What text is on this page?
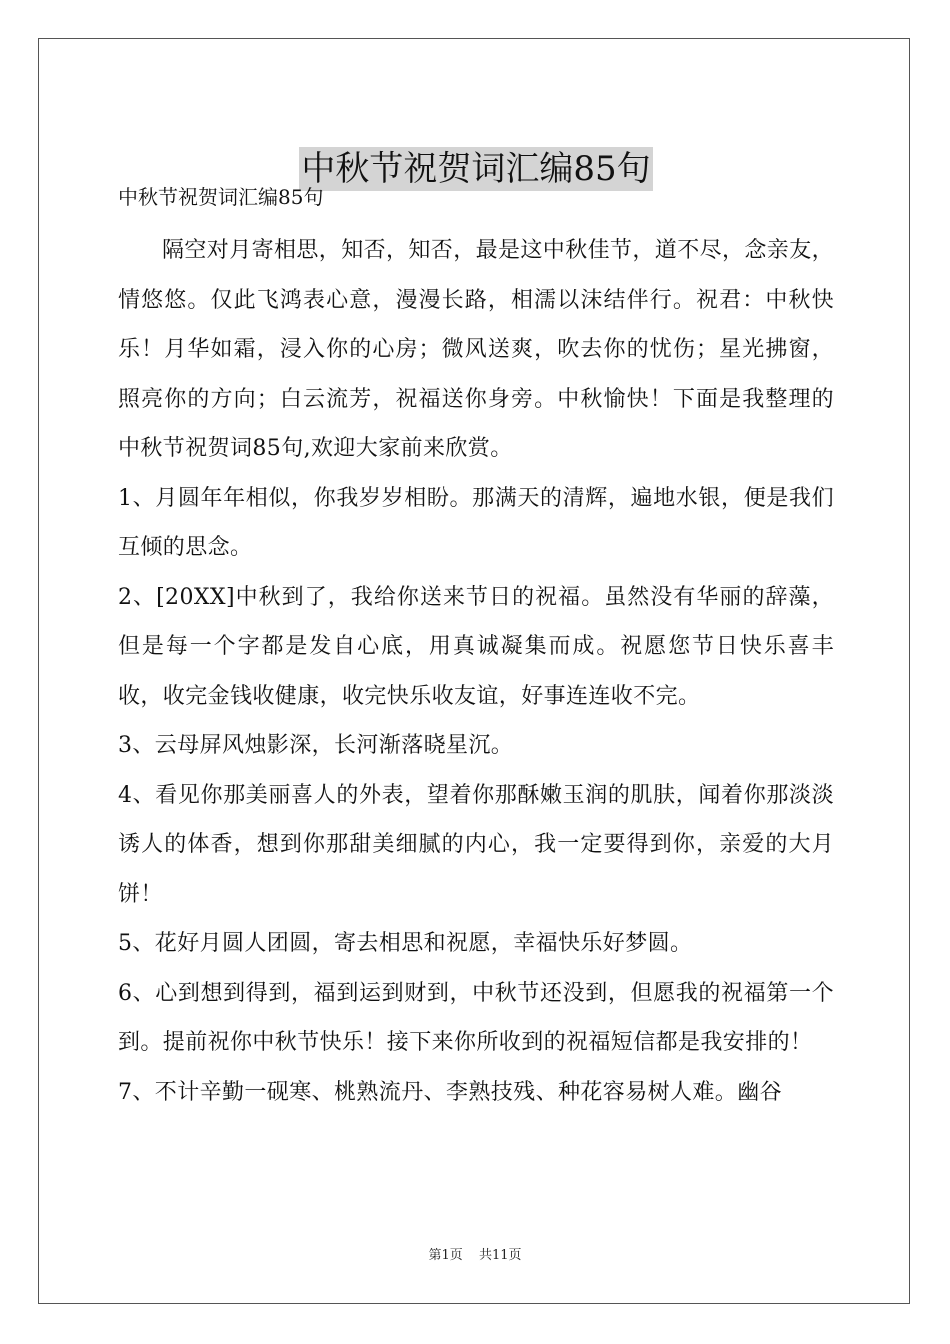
中秋节祝贺词汇编85句
中秋节祝贺词汇编85句

隔空对月寄相思，知否，知否，最是这中秋佳节，道不尽，念亲友，情悠悠。仅此飞鸿表心意，漫漫长路，相濡以沫结伴行。祝君：中秋快乐！月华如霜，浸入你的心房；微风送爽，吹去你的忧伤；星光拂窗，照亮你的方向；白云流芳，祝福送你身旁。中秋愉快！下面是我整理的中秋节祝贺词85句,欢迎大家前来欣赏。

1、月圆年年相似，你我岁岁相盼。那满天的清辉，遍地水银，便是我们互倾的思念。

2、[20XX]中秋到了，我给你送来节日的祝福。虽然没有华丽的辞藻，但是每一个字都是发自心底，用真诚凝集而成。祝愿您节日快乐喜丰收，收完金钱收健康，收完快乐收友谊，好事连连收不完。

3、云母屏风烛影深，长河渐落晓星沉。

4、看见你那美丽喜人的外表，望着你那酥嫩玉润的肌肤，闻着你那淡淡诱人的体香，想到你那甜美细腻的内心，我一定要得到你，亲爱的大月饼！

5、花好月圆人团圆，寄去相思和祝愿，幸福快乐好梦圆。

6、心到想到得到，福到运到财到，中秋节还没到，但愿我的祝福第一个到。提前祝你中秋节快乐！接下来你所收到的祝福短信都是我安排的！

7、不计辛勤一砚寒、桃熟流丹、李熟技残、种花容易树人难。幽谷

第1页 共11页
